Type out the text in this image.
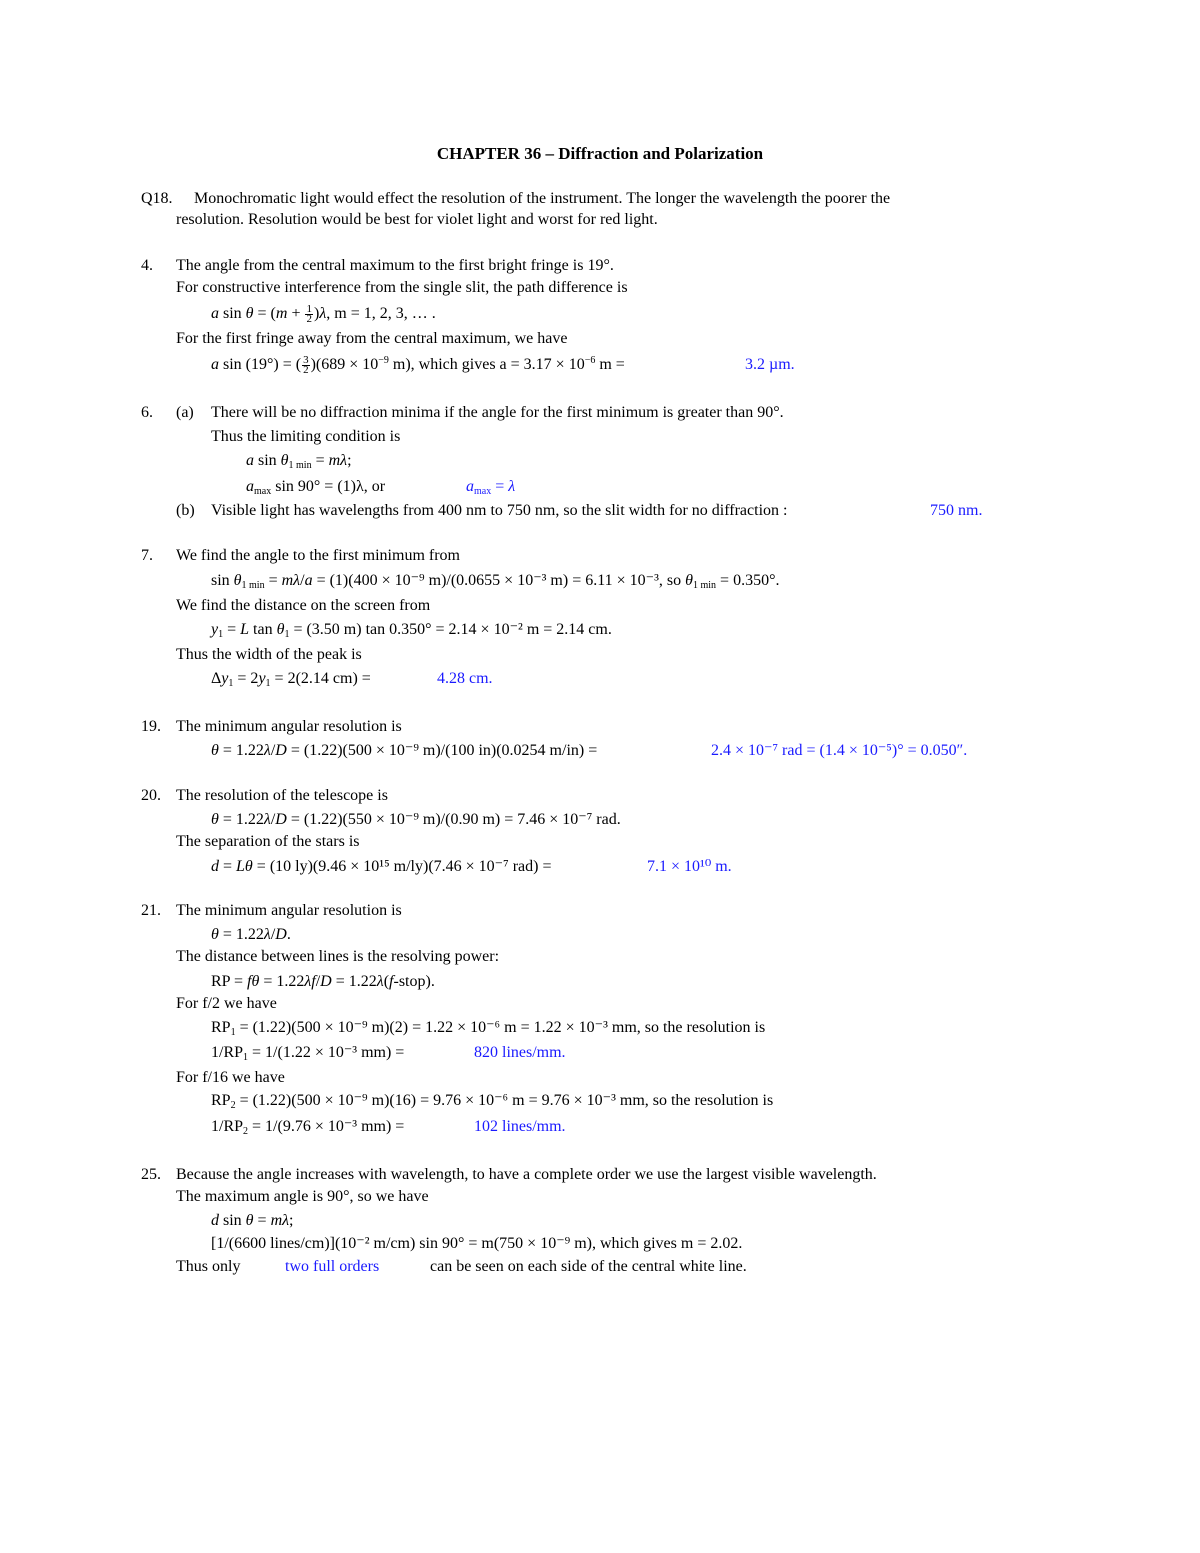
CHAPTER 36 – Diffraction and Polarization
Q18. Monochromatic light would effect the resolution of the instrument. The longer the wavelength the poorer the
resolution. Resolution would be best for violet light and worst for red light.
4. The angle from the central maximum to the first bright fringe is 19°.
For constructive interference from the single slit, the path difference is
a $\sin \theta = (m + \frac{1}{2} )\lambda$, m = 1, 2, 3, … .
For the first fringe away from the central maximum, we have
a sin (19°) = ( $\frac{3}{2} )(689 \times 10^{-9}$ m), which gives $a = 3.17 \times 10^{-6}$ m =	3.2 µm.
6. (a) There will be no diffraction minima if the angle for the first minimum is greater than 90°.
Thus the limiting condition is
a $\sin \theta_{1 min} = m\lambda$;
$a_{max}$ sin 90° = (1)λ, or	$a_{max} = \lambda$
(b) Visible light has wavelengths from 400 nm to 750 nm, so the slit width for no diffraction :	750 nm.
7. We find the angle to the first minimum from
$\sin \theta_{1 min} = m\lambda/a = (1)(400 \times 10^{-9}$ m)/(0.0655 × 10⁻³ m) = 6.11 × 10⁻³, so $\theta_{1 min} = 0.350^\circ$.
We find the distance on the screen from
$y_1 = L$ $\tan \theta_1 = (3.50$ m) tan 0.350° = 2.14 × 10⁻² m = 2.14 cm.
Thus the width of the peak is
$\Delta y_1 = 2y_1 = 2(2.14$ cm) =	4.28 cm.
19. The minimum angular resolution is
θ = 1.22λ/D = (1.22)(500 × 10⁻⁹ m)/(100 in)(0.0254 m/in) =	2.4 × 10⁻⁷ rad = (1.4 × 10⁻⁵)° = 0.050″.
20. The resolution of the telescope is
θ = 1.22λ/D = (1.22)(550 × 10⁻⁹ m)/(0.90 m) = 7.46 × 10⁻⁷ rad.
The separation of the stars is
d = Lθ = (10 ly)(9.46 × 10¹⁵ m/ly)(7.46 × 10⁻⁷ rad) =	7.1 × 10¹⁰ m.
21. The minimum angular resolution is
θ = 1.22λ/D.
The distance between lines is the resolving power:
RP = fθ = 1.22λf/D = 1.22λ(f-stop).
For f/2 we have
$RP_1 = (1.22)(500 \times 10^{-9}$ m)(2) = 1.22 × 10⁻⁶ m = 1.22 × 10⁻³ mm, so the resolution is
$1/RP_1 = 1/(1.22 \times 10^{-3}$ mm) =	820 lines/mm.
For f/16 we have
$RP_2 = (1.22)(500 \times 10^{-9}$ m)(16) = 9.76 × 10⁻⁶ m = 9.76 × 10⁻³ mm, so the resolution is
$1/RP_2 = 1/(9.76 \times 10^{-3}$ mm) =	102 lines/mm.
25. Because the angle increases with wavelength, to have a complete order we use the largest visible wavelength.
The maximum angle is 90°, so we have
d sin θ = mλ;
[1/(6600 lines/cm)](10⁻² m/cm) sin 90° = m(750 × 10⁻⁹ m), which gives m = 2.02.
Thus only	two full orders	can be seen on each side of the central white line.
